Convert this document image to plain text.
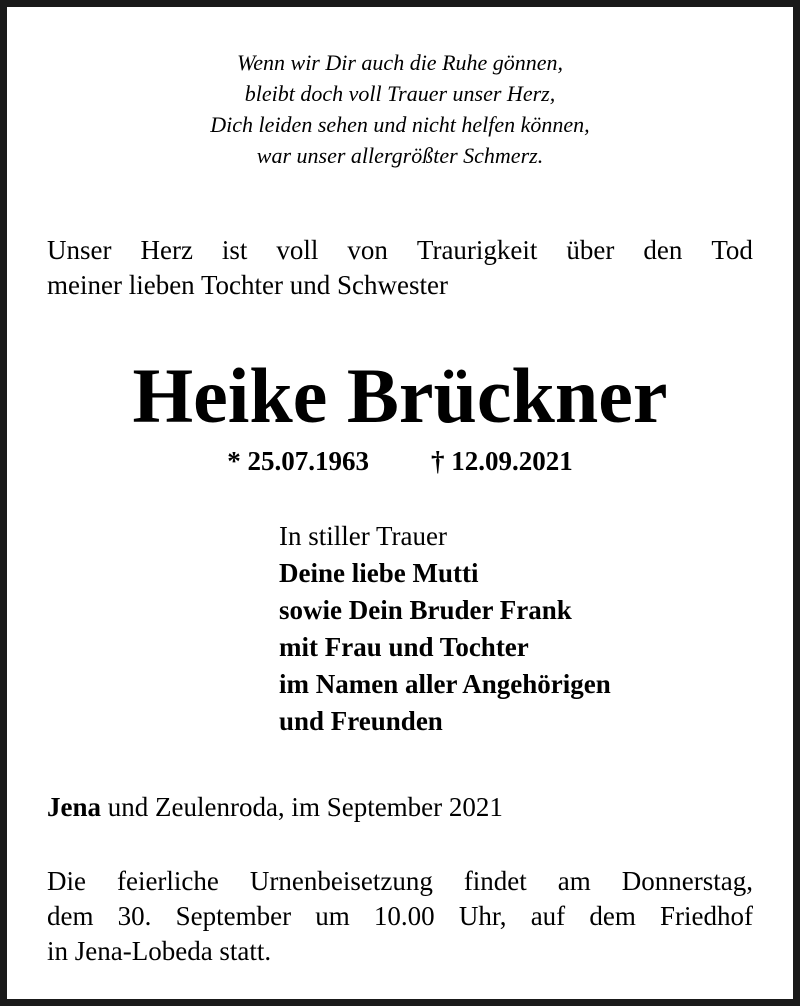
Wenn wir Dir auch die Ruhe gönnen,
bleibt doch voll Trauer unser Herz,
Dich leiden sehen und nicht helfen können,
war unser allergrößter Schmerz.
Unser Herz ist voll von Traurigkeit über den Tod
meiner lieben Tochter und Schwester
Heike Brückner
* 25.07.1963 † 12.09.2021
In stiller Trauer
Deine liebe Mutti
sowie Dein Bruder Frank
mit Frau und Tochter
im Namen aller Angehörigen
und Freunden
Jena und Zeulenroda, im September 2021
Die feierliche Urnenbeisetzung findet am Donnerstag,
dem 30. September um 10.00 Uhr, auf dem Friedhof
in Jena-Lobeda statt.
